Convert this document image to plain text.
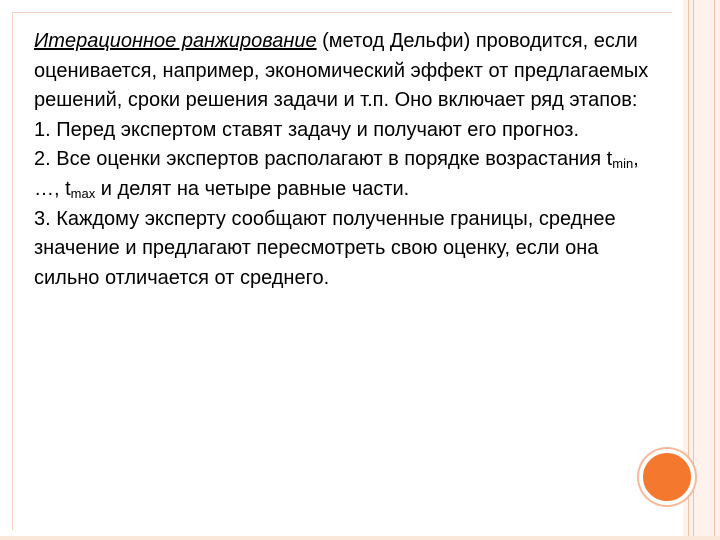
Итерационное ранжирование (метод Дельфи) проводится, если оценивается, например, экономический эффект от предлагаемых решений, сроки решения задачи и т.п. Оно включает ряд этапов:

1. Перед экспертом ставят задачу и получают его прогноз.

2. Все оценки экспертов располагают в порядке возрастания $t_{min}$, …, $t_{max}$ и делят на четыре равные части.

3. Каждому эксперту сообщают полученные границы, среднее значение и предлагают пересмотреть свою оценку, если она сильно отличается от среднего.
